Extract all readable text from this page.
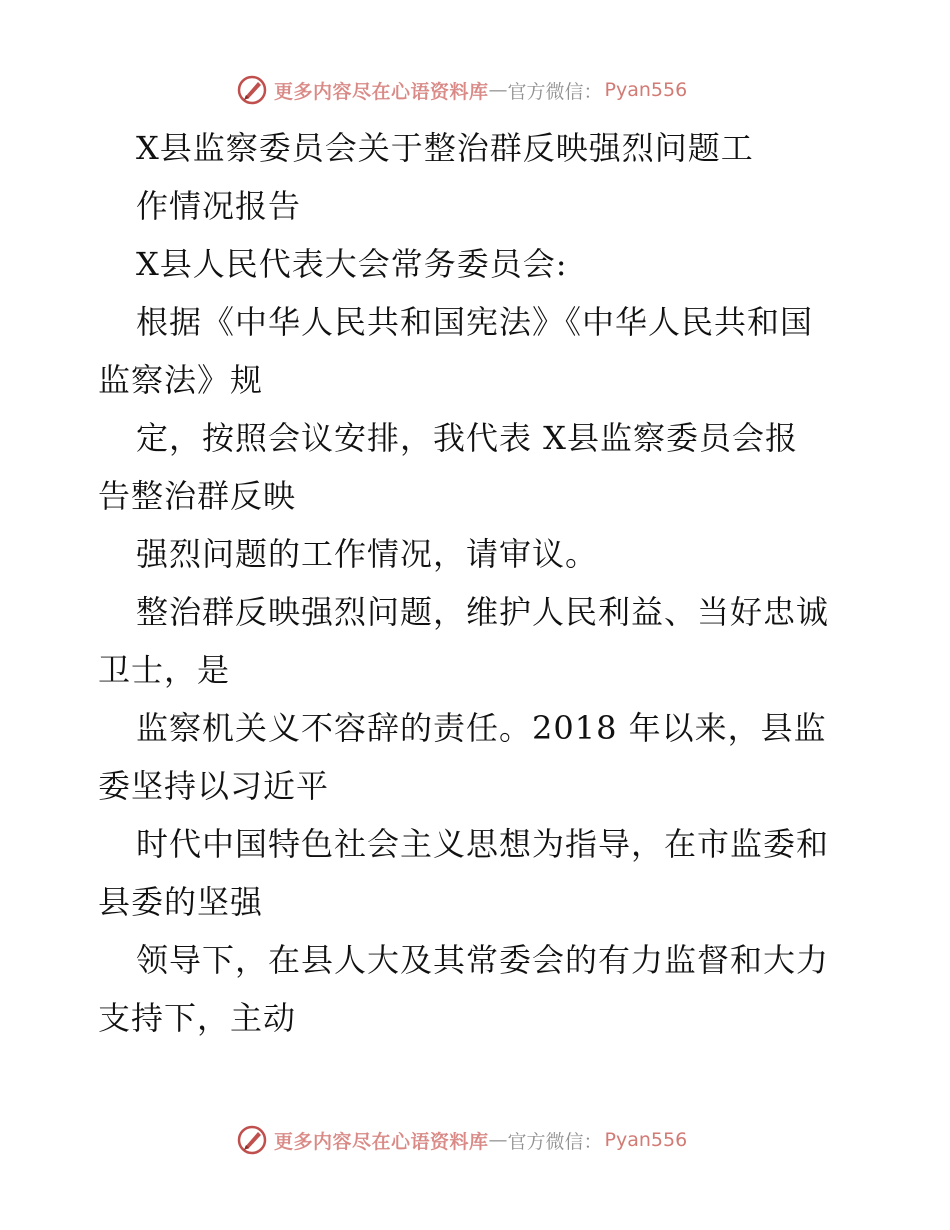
更多内容尽在心语资料库 — 官方微信： Pyan556
X县监察委员会关于整治群反映强烈问题工
作情况报告
X县人民代表大会常务委员会:
根据《中华人民共和国宪法》《中华人民共和国
监察法》规
定，按照会议安排，我代表 X县监察委员会报
告整治群反映
强烈问题的工作情况，请审议。
整治群反映强烈问题，维护人民利益、当好忠诚
卫士，是
监察机关义不容辞的责任。2018 年以来，县监
委坚持以习近平
时代中国特色社会主义思想为指导，在市监委和
县委的坚强
领导下，在县人大及其常委会的有力监督和大力
支持下，主动
更多内容尽在心语资料库 — 官方微信： Pyan556
